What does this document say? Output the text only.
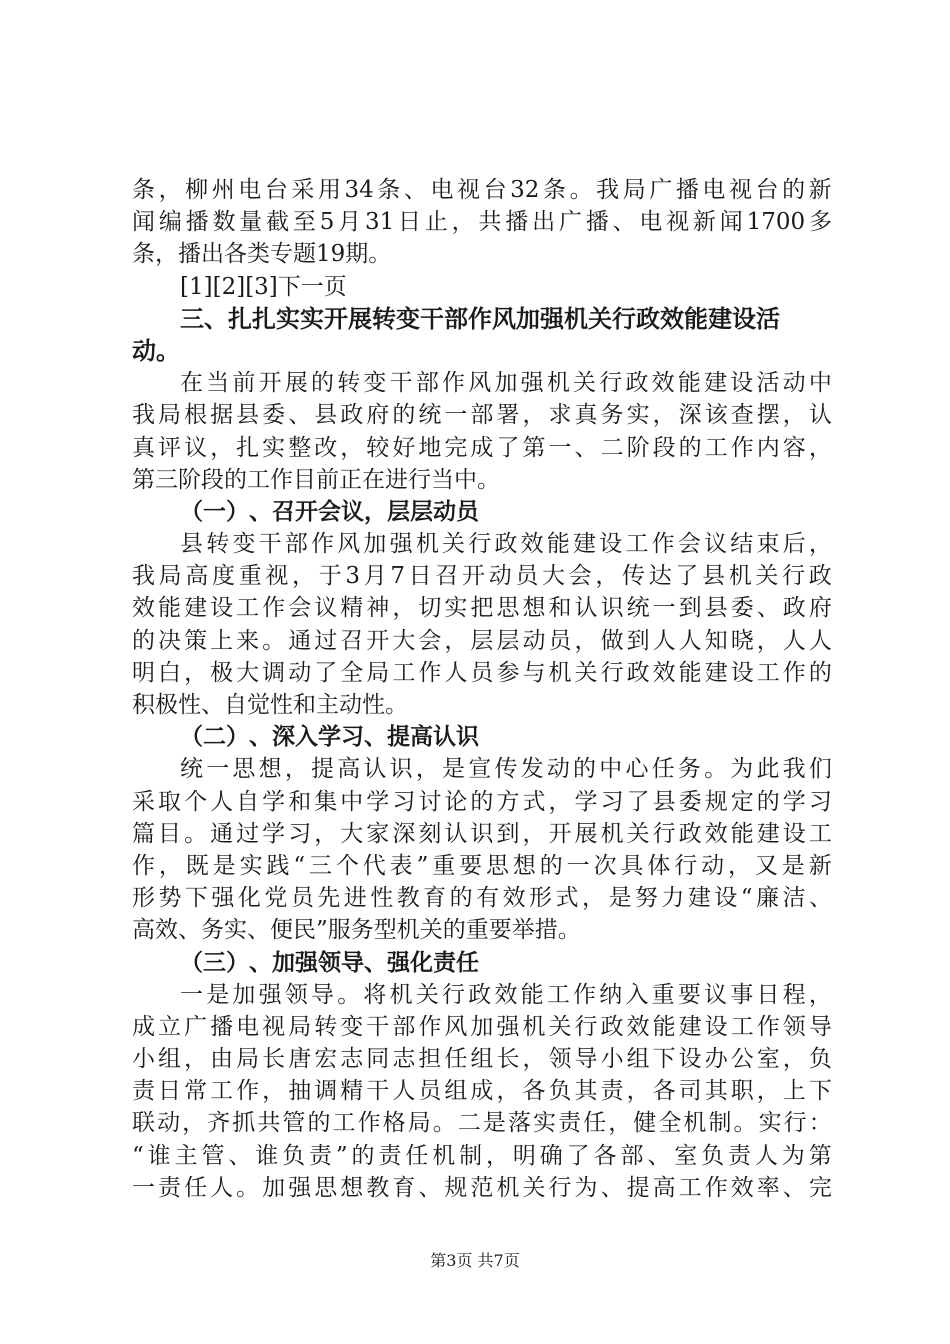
条 ， 柳 州 电 台 采 用 34 条 、 电 视 台 32 条 。 我 局 广 播 电 视 台 的 新
闻 编 播 数 量 截 至 5 月 31 日 止 ， 共 播 出 广 播 、 电 视 新 闻 1700 多
条 ， 播 出 各 类 专 题 19 期 。
[1] [2] [3] 下一页
三 、 扎 扎 实 实 开 展 转 变 干 部 作 风 加 强 机 关 行 政 效 能 建 设 活
动 。
在 当 前 开 展 的 转 变 干 部 作 风 加 强 机 关 行 政 效 能 建 设 活 动 中
我 局 根 据 县 委 、 县 政 府 的 统 一 部 署 ， 求 真 务 实 ， 深 该 查 摆 ， 认
真 评 议 ， 扎 实 整 改 ， 较 好 地 完 成 了 第 一 、 二 阶 段 的 工 作 内 容 ，
第 三 阶 段 的 工 作 目 前 正 在 进 行 当 中 。
（ 一 ） 、 召 开 会 议 ， 层 层 动 员
县 转 变 干 部 作 风 加 强 机 关 行 政 效 能 建 设 工 作 会 议 结 束 后 ，
我 局 高 度 重 视 ， 于 3 月 7 日 召 开 动 员 大 会 ， 传 达 了 县 机 关 行 政
效 能 建 设 工 作 会 议 精 神 ， 切 实 把 思 想 和 认 识 统 一 到 县 委 、 政 府
的 决 策 上 来 。 通 过 召 开 大 会 ， 层 层 动 员 ， 做 到 人 人 知 晓 ， 人 人
明 白 ， 极 大 调 动 了 全 局 工 作 人 员 参 与 机 关 行 政 效 能 建 设 工 作 的
积 极 性 、 自 觉 性 和 主 动 性 。
（ 二 ） 、 深 入 学 习 、 提 高 认 识
统 一 思 想 ， 提 高 认 识 ， 是 宣 传 发 动 的 中 心 任 务 。 为 此 我 们
采 取 个 人 自 学 和 集 中 学 习 讨 论 的 方 式 ， 学 习 了 县 委 规 定 的 学 习
篇 目 。 通 过 学 习 ， 大 家 深 刻 认 识 到 ， 开 展 机 关 行 政 效 能 建 设 工
作 ， 既 是 实 践 “ 三 个 代 表 ” 重 要 思 想 的 一 次 具 体 行 动 ， 又 是 新
形 势 下 强 化 党 员 先 进 性 教 育 的 有 效 形 式 ， 是 努 力 建 设 “ 廉 洁 、
高 效 、 务 实 、 便 民 ” 服 务 型 机 关 的 重 要 举 措 。
（ 三 ） 、 加 强 领 导 、 强 化 责 任
一 是 加 强 领 导 。 将 机 关 行 政 效 能 工 作 纳 入 重 要 议 事 日 程 ，
成 立 广 播 电 视 局 转 变 干 部 作 风 加 强 机 关 行 政 效 能 建 设 工 作 领 导
小 组 ， 由 局 长 唐 宏 志 同 志 担 任 组 长 ， 领 导 小 组 下 设 办 公 室 ， 负
责 日 常 工 作 ， 抽 调 精 干 人 员 组 成 ， 各 负 其 责 ， 各 司 其 职 ， 上 下
联 动 ， 齐 抓 共 管 的 工 作 格 局 。 二 是 落 实 责 任 ， 健 全 机 制 。 实 行 ：
“ 谁 主 管 、 谁 负 责 ” 的 责 任 机 制 ， 明 确 了 各 部 、 室 负 责 人 为 第
一 责 任 人 。 加 强 思 想 教 育 、 规 范 机 关 行 为 、 提 高 工 作 效 率 、 完
第3页 共7页
